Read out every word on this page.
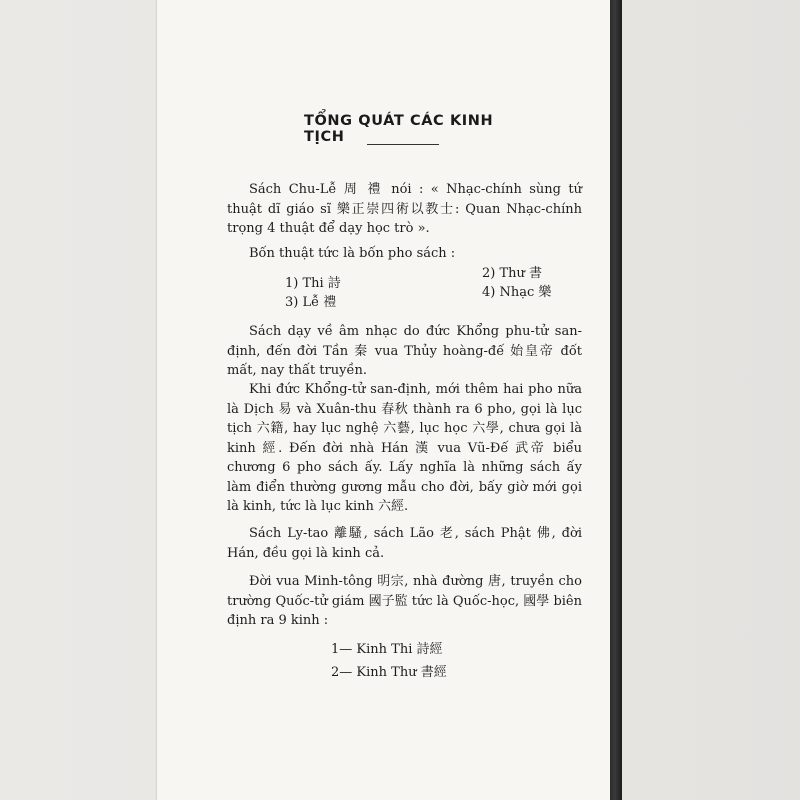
TỔNG QUÁT CÁC KINH TỊCH
Sách Chu-Lễ 周 禮 nói : « Nhạc-chính sùng tứ thuật dĩ giáo sĩ 樂正崇四術以教士: Quan Nhạc-chính trọng 4 thuật để dạy học trò ».
Bốn thuật tức là bốn pho sách :
1) Thi 詩
2) Thư 書
3) Lễ 禮
4) Nhạc 樂
Sách dạy về âm nhạc do đức Khổng phu-tử san-định, đến đời Tần 秦 vua Thủy hoàng-đế 始皇帝 đốt mất, nay thất truyền.
Khi đức Khổng-tử san-định, mới thêm hai pho nữa là Dịch 易 và Xuân-thu 春秋 thành ra 6 pho, gọi là lục tịch 六籍, hay lục nghệ 六藝, lục học 六學, chưa gọi là kinh 經. Đến đời nhà Hán 漢 vua Vũ-Đế 武帝 biểu chương 6 pho sách ấy. Lấy nghĩa là những sách ấy làm điển thường gương mẫu cho đời, bấy giờ mới gọi là kinh, tức là lục kinh 六經.
Sách Ly-tao 離騷, sách Lão 老, sách Phật 佛, đời Hán, đều gọi là kinh cả.
Đời vua Minh-tông 明宗, nhà đường 唐, truyền cho trường Quốc-tử giám 國子監 tức là Quốc-học, 國學 biên định ra 9 kinh :
1— Kinh Thi 詩經
2— Kinh Thư 書經
